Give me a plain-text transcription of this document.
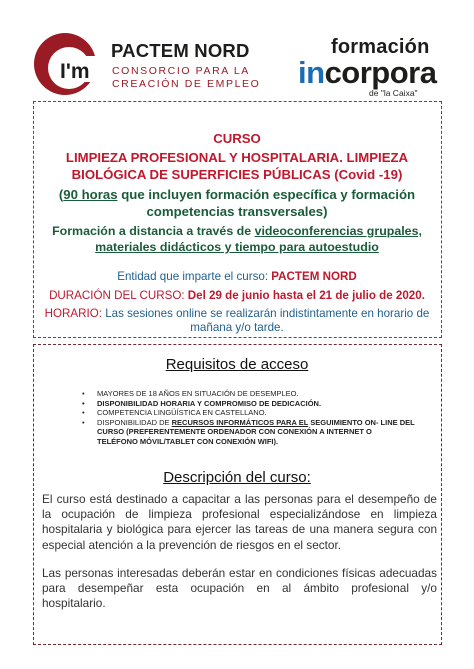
I'm
PACTEM NORD
CONSORCIO PARA LA
CREACIÓN DE EMPLEO
formación
incorpora
de "la Caixa"
CURSO
LIMPIEZA PROFESIONAL Y HOSPITALARIA. LIMPIEZA
BIOLÓGICA DE SUPERFICIES PÚBLICAS (Covid -19)
(90 horas que incluyen formación específica y formación
competencias transversales)
Formación a distancia a través de videoconferencias grupales,
materiales didácticos y tiempo para autoestudio
Entidad que imparte el curso: PACTEM NORD
DURACIÓN DEL CURSO: Del 29 de junio hasta el 21 de julio de 2020.
HORARIO: Las sesiones online se realizarán indistintamente en horario de
mañana y/o tarde.
Requisitos de acceso
• MAYORES DE 18 AÑOS EN SITUACIÓN DE DESEMPLEO.
• DISPONIBILIDAD HORARIA Y COMPROMISO DE DEDICACIÓN.
• COMPETENCIA LINGÜÍSTICA EN CASTELLANO.
• DISPONIBILIDAD DE RECURSOS INFORMÁTICOS PARA EL SEGUIMIENTO ON- LINE DEL
CURSO (PREFERENTEMENTE ORDENADOR CON CONEXIÓN A INTERNET O
TELÉFONO MÓVIL/TABLET CON CONEXIÓN WIFI).
Descripción del curso:
El curso está destinado a capacitar a las personas para el desempeño de
la ocupación de limpieza profesional especializándose en limpieza
hospitalaria y biológica para ejercer las tareas de una manera segura con
especial atención a la prevención de riesgos en el sector.
Las personas interesadas deberán estar en condiciones físicas adecuadas
para desempeñar esta ocupación en al ámbito profesional y/o
hospitalario.
